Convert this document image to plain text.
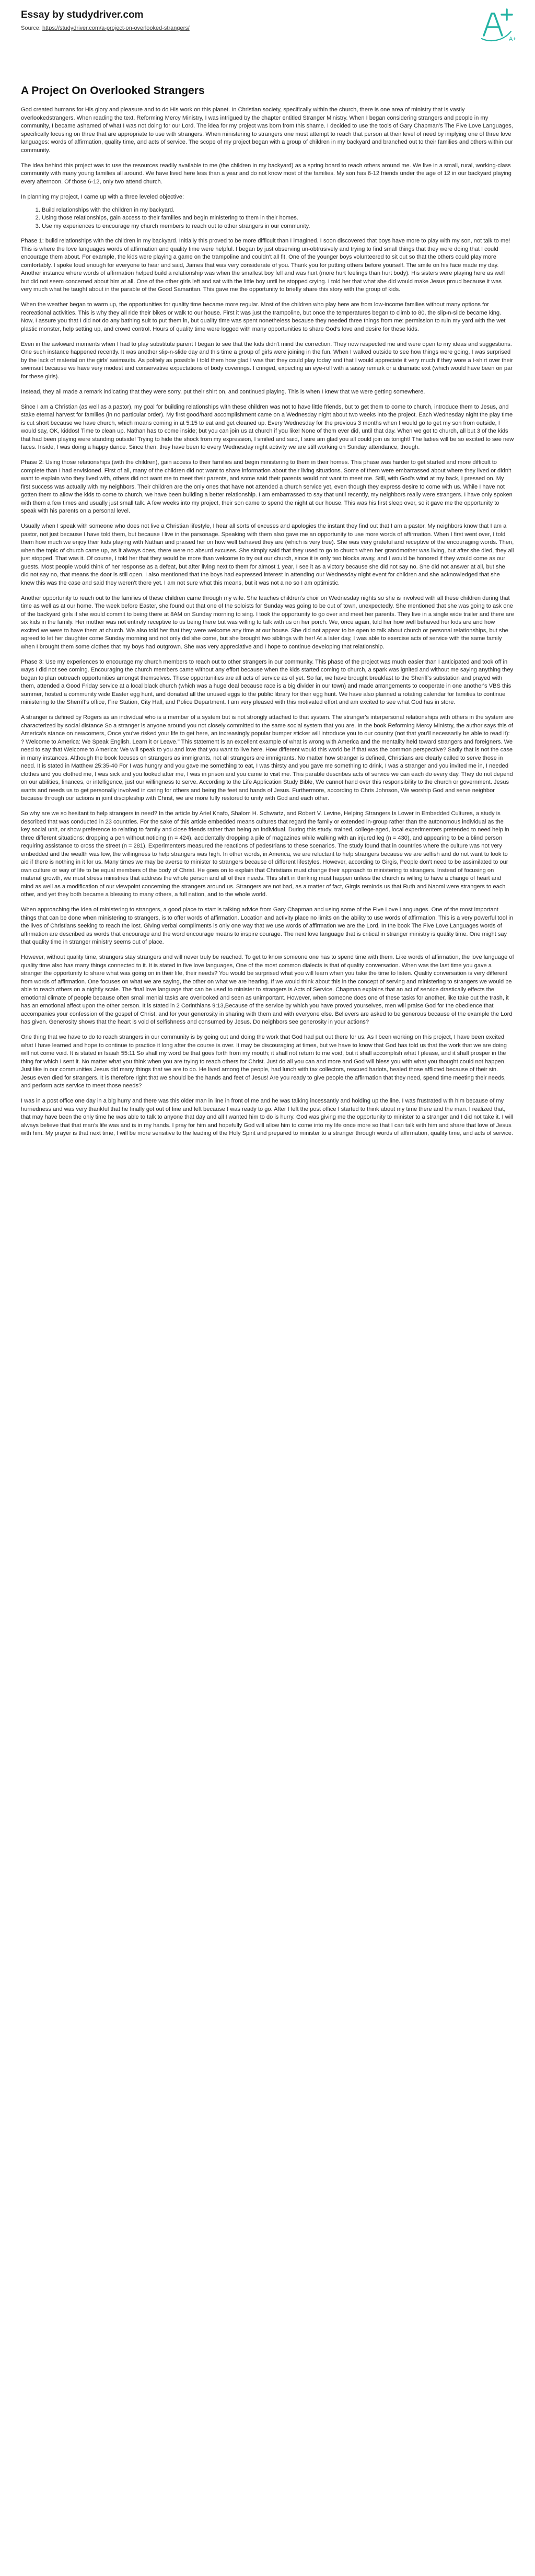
Essay by studydriver.com
Source: https://studydriver.com/a-project-on-overlooked-strangers/
A+
A Project On Overlooked Strangers

God created humans for His glory and pleasure and to do His work on this planet. In Christian society, specifically within the church, there is one area of ministry that is vastly overlookedstrangers. When reading the text, Reforming Mercy Ministry, I was intrigued by the chapter entitled Stranger Ministry. When I began considering strangers and people in my community, I became ashamed of what I was not doing for our Lord. The idea for my project was born from this shame. I decided to use the tools of Gary Chapman's The Five Love Languages, specifically focusing on three that are appropriate to use with strangers. When ministering to strangers one must attempt to reach that person at their level of need by implying one of three love languages: words of affirmation, quality time, and acts of service. The scope of my project began with a group of children in my backyard and branched out to their families and others within our community.

The idea behind this project was to use the resources readily available to me (the children in my backyard) as a spring board to reach others around me. We live in a small, rural, working-class community with many young families all around. We have lived here less than a year and do not know most of the families. My son has 6-12 friends under the age of 12 in our backyard playing every afternoon. Of those 6-12, only two attend church.

In planning my project, I came up with a three leveled objective:

1. Build relationships with the children in my backyard.
2. Using those relationships, gain access to their families and begin ministering to them in their homes.
3. Use my experiences to encourage my church members to reach out to other strangers in our community.

Phase 1: build relationships with the children in my backyard. Initially this proved to be more difficult than I imagined. I soon discovered that boys have more to play with my son, not talk to me! This is where the love languages words of affirmation and quality time were helpful. I began by just observing un-obtrusively and trying to find small things that they were doing that I could encourage them about. For example, the kids were playing a game on the trampoline and couldn't all fit. One of the younger boys volunteered to sit out so that the others could play more comfortably. I spoke loud enough for everyone to hear and said, James that was very considerate of you. Thank you for putting others before yourself. The smile on his face made my day. Another instance where words of affirmation helped build a relationship was when the smallest boy fell and was hurt (more hurt feelings than hurt body). His sisters were playing here as well but did not seem concerned about him at all. One of the other girls left and sat with the little boy until he stopped crying. I told her that what she did would make Jesus proud because it was very much what he taught about in the parable of the Good Samaritan. This gave me the opportunity to briefly share this story with the group of kids.

When the weather began to warm up, the opportunities for quality time became more regular. Most of the children who play here are from low-income families without many options for recreational activities. This is why they all ride their bikes or walk to our house. First it was just the trampoline, but once the temperatures began to climb to 80, the slip-n-slide became king. Now, I assure you that I did not do any bathing suit to put them in, but quality time was spent nonetheless because they needed three things from me: permission to ruin my yard with the wet plastic monster, help setting up, and crowd control. Hours of quality time were logged with many opportunities to share God's love and desire for these kids.

Even in the awkward moments when I had to play substitute parent I began to see that the kids didn't mind the correction. They now respected me and were open to my ideas and suggestions. One such instance happened recently. It was another slip-n-slide day and this time a group of girls were joining in the fun. When I walked outside to see how things were going, I was surprised by the lack of material on the girls' swimsuits. As politely as possible I told them how glad I was that they could play today and that I would appreciate it very much if they wore a t-shirt over their swimsuit because we have very modest and conservative expectations of body coverings. I cringed, expecting an eye-roll with a sassy remark or a dramatic exit (which would have been on par for these girls).

Instead, they all made a remark indicating that they were sorry, put their shirt on, and continued playing. This is when I knew that we were getting somewhere.

Since I am a Christian (as well as a pastor), my goal for building relationships with these children was not to have little friends, but to get them to come to church, introduce them to Jesus, and stake eternal harvest for families (in no particular order). My first good/hard accomplishment came on a Wednesday night about two weeks into the project. Each Wednesday night the play time is cut short because we have church, which means coming in at 5:15 to eat and get cleaned up. Every Wednesday for the previous 3 months when I would go to get my son from outside, I would say, OK, kiddos! Time to clean up. Nathan has to come inside; but you can join us at church if you like! None of them ever did, until that day. When we got to church, all but 3 of the kids that had been playing were standing outside! Trying to hide the shock from my expression, I smiled and said, I sure am glad you all could join us tonight! The ladies will be so excited to see new faces. Inside, I was doing a happy dance. Since then, they have been to every Wednesday night activity we are still working on Sunday attendance, though.

Phase 2: Using those relationships (with the children), gain access to their families and begin ministering to them in their homes. This phase was harder to get started and more difficult to complete than I had envisioned. First of all, many of the children did not want to share information about their living situations. Some of them were embarrassed about where they lived or didn't want to explain who they lived with, others did not want me to meet their parents, and some said their parents would not want to meet me. Still, with God's wind at my back, I pressed on. My first success was actually with my neighbors. Their children are the only ones that have not attended a church service yet, even though they express desire to come with us. While I have not gotten them to allow the kids to come to church, we have been building a better relationship. I am embarrassed to say that until recently, my neighbors really were strangers. I have only spoken with them a few times and usually just small talk. A few weeks into my project, their son came to spend the night at our house. This was his first sleep over, so it gave me the opportunity to speak with his parents on a personal level.

Usually when I speak with someone who does not live a Christian lifestyle, I hear all sorts of excuses and apologies the instant they find out that I am a pastor. My neighbors know that I am a pastor, not just because I have told them, but because I live in the parsonage. Speaking with them also gave me an opportunity to use more words of affirmation. When I first went over, I told them how much we enjoy their kids playing with Nathan and praised her on how well behaved they are (which is very true). She was very grateful and receptive of the encouraging words. Then, when the topic of church came up, as it always does, there were no absurd excuses. She simply said that they used to go to church when her grandmother was living, but after she died, they all just stopped. That was it. Of course, I told her that they would be more than welcome to try out our church, since it is only two blocks away, and I would be honored if they would come as our guests. Most people would think of her response as a defeat, but after living next to them for almost 1 year, I see it as a victory because she did not say no. She did not answer at all, but she did not say no, that means the door is still open. I also mentioned that the boys had expressed interest in attending our Wednesday night event for children and she acknowledged that she knew this was the case and said they weren't there yet. I am not sure what this means, but it was not a no so I am optimistic.

Another opportunity to reach out to the families of these children came through my wife. She teaches children's choir on Wednesday nights so she is involved with all these children during that time as well as at our home. The week before Easter, she found out that one of the soloists for Sunday was going to be out of town, unexpectedly. She mentioned that she was going to ask one of the backyard girls if she would commit to being there at 8AM on Sunday morning to sing. I took the opportunity to go over and meet her parents. They live in a single wide trailer and there are six kids in the family. Her mother was not entirely receptive to us being there but was willing to talk with us on her porch. We, once again, told her how well behaved her kids are and how excited we were to have them at church. We also told her that they were welcome any time at our house. She did not appear to be open to talk about church or personal relationships, but she agreed to let her daughter come Sunday morning and not only did she come, but she brought two siblings with her! At a later day, I was able to exercise acts of service with the same family when I brought them some clothes that my boys had outgrown. She was very appreciative and I hope to continue developing that relationship.

Phase 3: Use my experiences to encourage my church members to reach out to other strangers in our community. This phase of the project was much easier than I anticipated and took off in ways I did not see coming. Encouraging the church members came without any effort because when the kids started coming to church, a spark was ignited and without me saying anything they began to plan outreach opportunities amongst themselves. These opportunities are all acts of service as of yet. So far, we have brought breakfast to the Sheriff's substation and prayed with them, attended a Good Friday service at a local black church (which was a huge deal because race is a big divider in our town) and made arrangements to cooperate in one another's VBS this summer, hosted a community wide Easter egg hunt, and donated all the unused eggs to the public library for their egg hunt. We have also planned a rotating calendar for families to continue ministering to the Sherriff's office, Fire Station, City Hall, and Police Department. I am very pleased with this motivated effort and am excited to see what God has in store.

A stranger is defined by Rogers as an individual who is a member of a system but is not strongly attached to that system. The stranger's interpersonal relationships with others in the system are characterized by social distance So a stranger is anyone around you not closely committed to the same social system that you are. In the book Reforming Mercy Ministry, the author says this of America's stance on newcomers, Once you've risked your life to get here, an increasingly popular bumper sticker will introduce you to our country (not that you'll necessarily be able to read it): ? Welcome to America: We Speak English. Learn it or Leave." This statement is an excellent example of what is wrong with America and the mentality held toward strangers and foreigners. We need to say that Welcome to America: We will speak to you and love that you want to live here. How different would this world be if that was the common perspective? Sadly that is not the case in many instances. Although the book focuses on strangers as immigrants, not all strangers are immigrants. No matter how stranger is defined, Christians are clearly called to serve those in need. It is stated in Matthew 25:35-40 For I was hungry and you gave me something to eat, I was thirsty and you gave me something to drink, I was a stranger and you invited me in, I needed clothes and you clothed me, I was sick and you looked after me, I was in prison and you came to visit me. This parable describes acts of service we can each do every day. They do not depend on our abilities, finances, or intelligence, just our willingness to serve. According to the Life Application Study Bible, We cannot hand over this responsibility to the church or government. Jesus wants and needs us to get personally involved in caring for others and being the feet and hands of Jesus. Furthermore, according to Chris Johnson, We worship God and serve neighbor because through our actions in joint discipleship with Christ, we are more fully restored to unity with God and each other.

So why are we so hesitant to help strangers in need? In the article by Ariel Knafo, Shalom H. Schwartz, and Robert V. Levine, Helping Strangers Is Lower in Embedded Cultures, a study is described that was conducted in 23 countries. For the sake of this article embedded means cultures that regard the family or extended in-group rather than the autonomous individual as the key social unit, or show preference to relating to family and close friends rather than being an individual. During this study, trained, college-aged, local experimenters pretended to need help in three different situations: dropping a pen without noticing (n = 424), accidentally dropping a pile of magazines while walking with an injured leg (n = 430), and appearing to be a blind person requiring assistance to cross the street (n = 281). Experimenters measured the reactions of pedestrians to these scenarios. The study found that in countries where the culture was not very embedded and the wealth was low, the willingness to help strangers was high. In other words, in America, we are reluctant to help strangers because we are selfish and do not want to look to aid if there is nothing in it for us. Many times we may be averse to minister to strangers because of different lifestyles. However, according to Girgis, People don't need to be assimilated to our own culture or way of life to be equal members of the body of Christ. He goes on to explain that Christians must change their approach to ministering to strangers. Instead of focusing on material growth, we must stress ministries that address the whole person and all of their needs. This shift in thinking must happen unless the church is willing to have a change of heart and mind as well as a modification of our viewpoint concerning the strangers around us. Strangers are not bad, as a matter of fact, Girgis reminds us that Ruth and Naomi were strangers to each other, and yet they both became a blessing to many others, a full nation, and to the whole world.

When approaching the idea of ministering to strangers, a good place to start is talking advice from Gary Chapman and using some of the Five Love Languages. One of the most important things that can be done when ministering to strangers, is to offer words of affirmation. Location and activity place no limits on the ability to use words of affirmation. This is a very powerful tool in the lives of Christians seeking to reach the lost. Giving verbal compliments is only one way that we use words of affirmation we are the Lord. In the book The Five Love Languages words of affirmation are described as words that encourage and the word encourage means to inspire courage. The next love language that is critical in stranger ministry is quality time. One might say that quality time in stranger ministry seems out of place.

However, without quality time, strangers stay strangers and will never truly be reached. To get to know someone one has to spend time with them. Like words of affirmation, the love language of quality time also has many things connected to it. It is stated in five love languages, One of the most common dialects is that of quality conversation. When was the last time you gave a stranger the opportunity to share what was going on in their life, their needs? You would be surprised what you will learn when you take the time to listen. Quality conversation is very different from words of affirmation. One focuses on what we are saying, the other on what we are hearing. If we would think about this in the concept of serving and ministering to strangers we would be able to reach others on a nightly scale. The final love language that can be used to minister to strangers is Acts of Service. Chapman explains that an act of service drastically effects the emotional climate of people because often small menial tasks are overlooked and seen as unimportant. However, when someone does one of these tasks for another, like take out the trash, it has an emotional affect upon the other person. It is stated in 2 Corinthians 9:13,Because of the service by which you have proved yourselves, men will praise God for the obedience that accompanies your confession of the gospel of Christ, and for your generosity in sharing with them and with everyone else. Believers are asked to be generous because of the example the Lord has given. Generosity shows that the heart is void of selfishness and consumed by Jesus. Do neighbors see generosity in your actions?

One thing that we have to do to reach strangers in our community is by going out and doing the work that God had put out there for us. As I been working on this project, I have been excited what I have learned and hope to continue to practice it long after the course is over. It may be discouraging at times, but we have to know that God has told us that the work that we are doing will not come void. It is stated in Isaiah 55:11 So shall my word be that goes forth from my mouth; it shall not return to me void, but it shall accomplish what I please, and it shall prosper in the thing for which I sent it. No matter what you think when you are trying to reach others for Christ. Just do all you can and more and God will bless you with what you thought could not happen. Just like in our communities Jesus did many things that we are to do. He lived among the people, had lunch with tax collectors, rescued harlots, healed those afflicted because of their sin. Jesus even died for strangers. It is therefore right that we should be the hands and feet of Jesus! Are you ready to give people the affirmation that they need, spend time meeting their needs, and perform acts service to meet those needs?

I was in a post office one day in a big hurry and there was this older man in line in front of me and he was talking incessantly and holding up the line. I was frustrated with him because of my hurriedness and was very thankful that he finally got out of line and left because I was ready to go. After I left the post office I started to think about my time there and the man. I realized that, that may have been the only time he was able to talk to anyone that day and all I wanted him to do is hurry. God was giving me the opportunity to minister to a stranger and I did not take it. I will always believe that that man's life was and is in my hands. I pray for him and hopefully God will allow him to come into my life once more so that I can talk with him and share that love of Jesus with him. My prayer is that next time, I will be more sensitive to the leading of the Holy Spirit and prepared to minister to a stranger through words of affirmation, quality time, and acts of service.
